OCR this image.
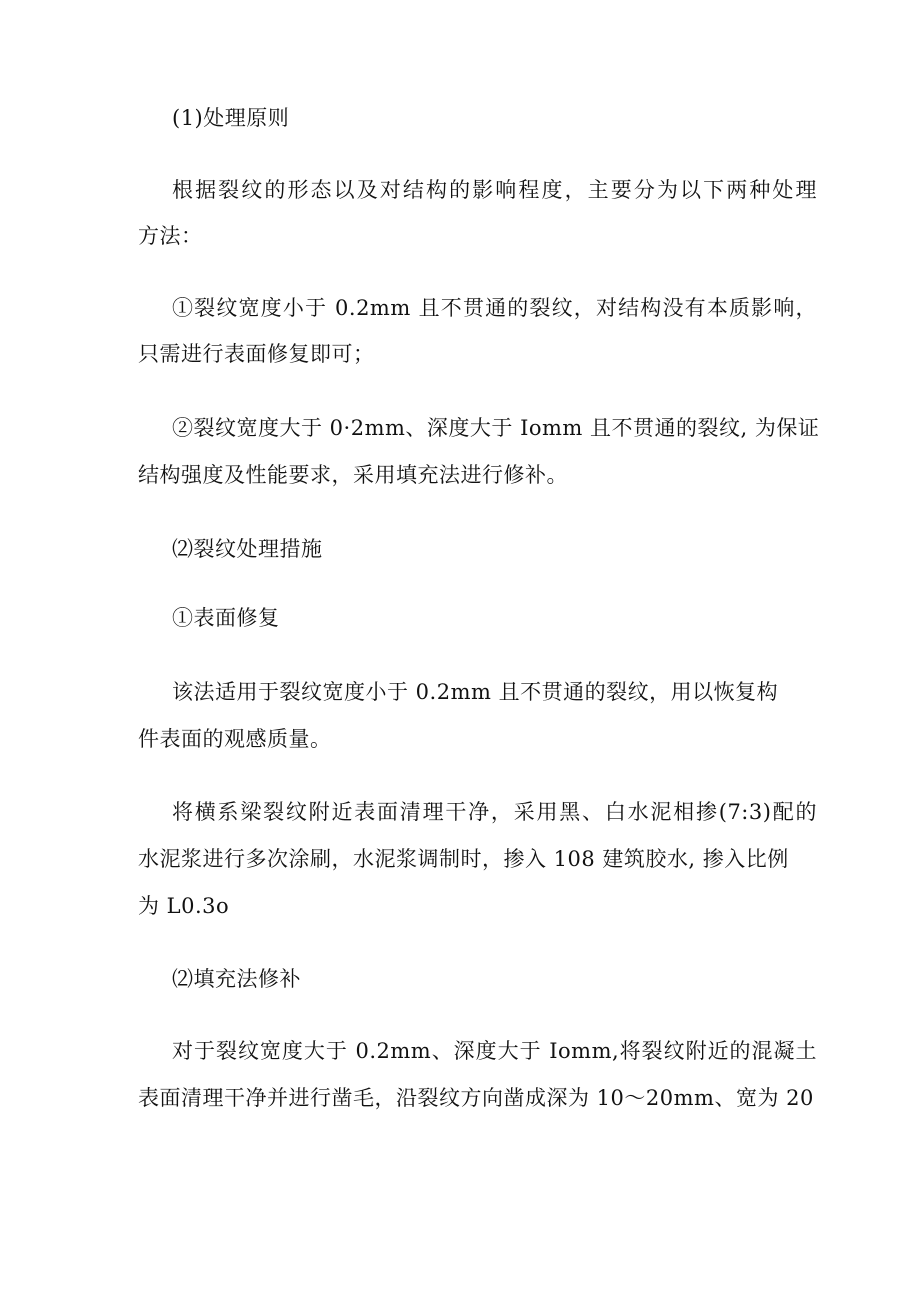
(1)处理原则
根据裂纹的形态以及对结构的影响程度，主要分为以下两种处理
方法：
①裂纹宽度小于 0.2mm 且不贯通的裂纹，对结构没有本质影响，
只需进行表面修复即可；
②裂纹宽度大于 0·2mm、深度大于 Iomm 且不贯通的裂纹, 为保证
结构强度及性能要求，采用填充法进行修补。
⑵裂纹处理措施
①表面修复
该法适用于裂纹宽度小于 0.2mm 且不贯通的裂纹，用以恢复构
件表面的观感质量。
将横系梁裂纹附近表面清理干净，采用黑、白水泥相掺(7:3)配的
水泥浆进行多次涂刷，水泥浆调制时，掺入 108 建筑胶水, 掺入比例
为 L0.3o
⑵填充法修补
对于裂纹宽度大于 0.2mm、深度大于 Iomm,将裂纹附近的混凝土
表面清理干净并进行凿毛，沿裂纹方向凿成深为 10～20mm、宽为 20
